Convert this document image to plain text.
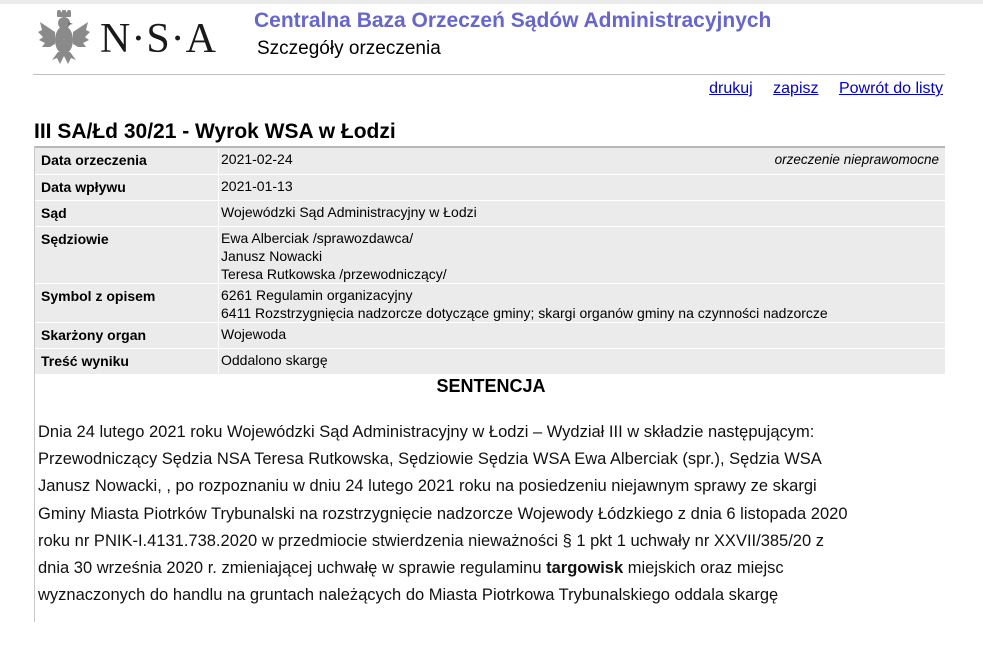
N·S·A Centralna Baza Orzeczeń Sądów Administracyjnych
Szczegóły orzeczenia
drukuj zapisz Powrót do listy
III SA/Łd 30/21 - Wyrok WSA w Łodzi
Data orzeczenia	2021-02-24	orzeczenie nieprawomocne
Data wpływu	2021-01-13
Sąd	Wojewódzki Sąd Administracyjny w Łodzi
Sędziowie	Ewa Alberciak /sprawozdawca/
Janusz Nowacki
Teresa Rutkowska /przewodniczący/
Symbol z opisem	6261 Regulamin organizacyjny
6411 Rozstrzygnięcia nadzorcze dotyczące gminy; skargi organów gminy na czynności nadzorcze
Skarżony organ	Wojewoda
Treść wyniku	Oddalono skargę
SENTENCJA
Dnia 24 lutego 2021 roku Wojewódzki Sąd Administracyjny w Łodzi – Wydział III w składzie następującym:
Przewodniczący Sędzia NSA Teresa Rutkowska, Sędziowie Sędzia WSA Ewa Alberciak (spr.), Sędzia WSA
Janusz Nowacki, , po rozpoznaniu w dniu 24 lutego 2021 roku na posiedzeniu niejawnym sprawy ze skargi
Gminy Miasta Piotrków Trybunalski na rozstrzygnięcie nadzorcze Wojewody Łódzkiego z dnia 6 listopada 2020
roku nr PNIK-I.4131.738.2020 w przedmiocie stwierdzenia nieważności § 1 pkt 1 uchwały nr XXVII/385/20 z
dnia 30 września 2020 r. zmieniającej uchwałę w sprawie regulaminu targowisk miejskich oraz miejsc
wyznaczonych do handlu na gruntach należących do Miasta Piotrkowa Trybunalskiego oddala skargę
